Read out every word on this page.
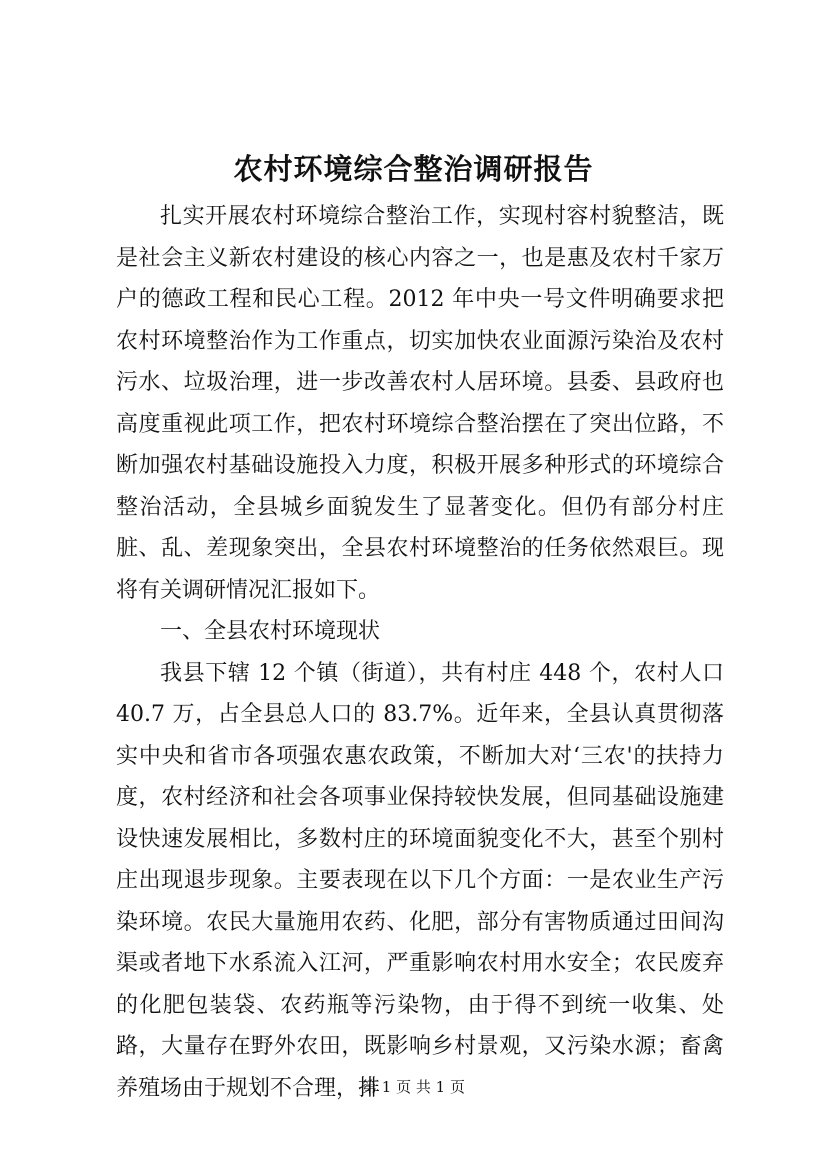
农村环境综合整治调研报告

扎实开展农村环境综合整治工作，实现村容村貌整洁，既是社会主义新农村建设的核心内容之一，也是惠及农村千家万户的德政工程和民心工程。2012 年中央一号文件明确要求把农村环境整治作为工作重点，切实加快农业面源污染治及农村污水、垃圾治理，进一步改善农村人居环境。县委、县政府也高度重视此项工作，把农村环境综合整治摆在了突出位路，不断加强农村基础设施投入力度，积极开展多种形式的环境综合整治活动，全县城乡面貌发生了显著变化。但仍有部分村庄脏、乱、差现象突出，全县农村环境整治的任务依然艰巨。现将有关调研情况汇报如下。

一、全县农村环境现状

我县下辖 12 个镇（街道），共有村庄 448 个，农村人口 40.7 万，占全县总人口的 83.7%。近年来，全县认真贯彻落实中央和省市各项强农惠农政策，不断加大对‘三农'的扶持力度，农村经济和社会各项事业保持较快发展，但同基础设施建设快速发展相比，多数村庄的环境面貌变化不大，甚至个别村庄出现退步现象。主要表现在以下几个方面：一是农业生产污染环境。农民大量施用农药、化肥，部分有害物质通过田间沟渠或者地下水系流入江河，严重影响农村用水安全；农民废弃的化肥包装袋、农药瓶等污染物，由于得不到统一收集、处路，大量存在野外农田，既影响乡村景观，又污染水源；畜禽养殖场由于规划不合理，排

第 1 页 共 1 页
